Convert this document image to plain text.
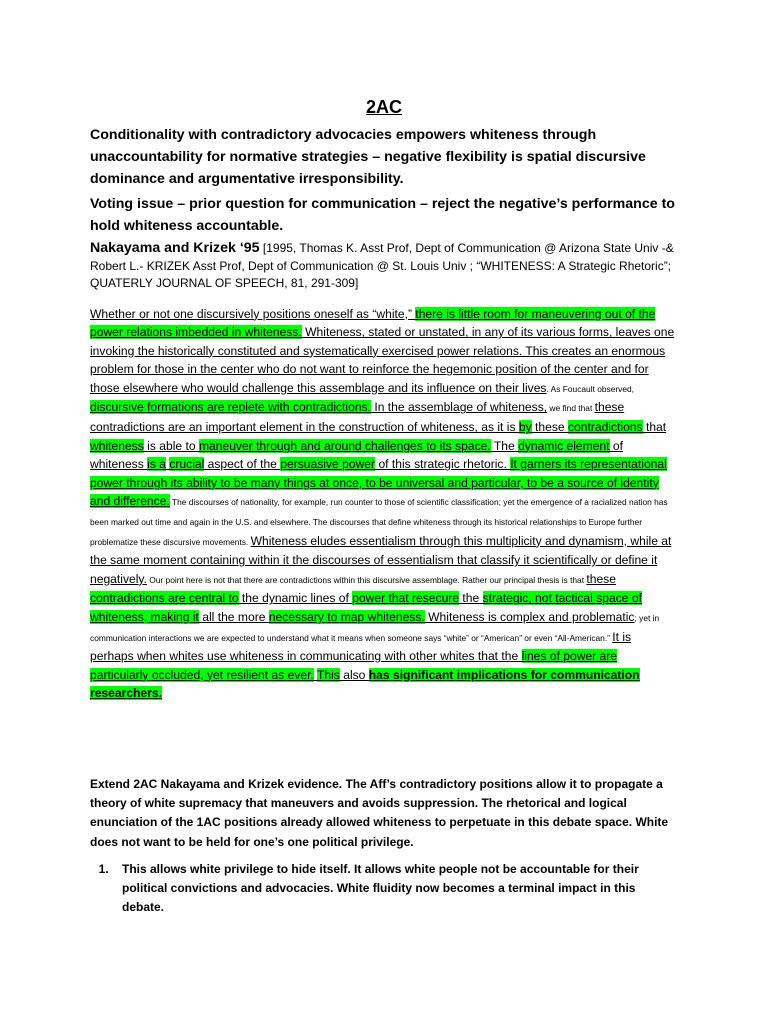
2AC

Conditionality with contradictory advocacies empowers whiteness through unaccountability for normative strategies – negative flexibility is spatial discursive dominance and argumentative irresponsibility.

Voting issue – prior question for communication – reject the negative’s performance to hold whiteness accountable.

Nakayama and Krizek ‘95 [1995, Thomas K. Asst Prof, Dept of Communication @ Arizona State Univ -& Robert L.- KRIZEK Asst Prof, Dept of Communication @ St. Louis Univ ; “WHITENESS: A Strategic Rhetoric”; QUATERLY JOURNAL OF SPEECH, 81, 291-309]

Whether or not one discursively positions oneself as “white,” there is little room for maneuvering out of the power relations imbedded in whiteness. Whiteness, stated or unstated, in any of its various forms, leaves one invoking the historically constituted and systematically exercised power relations. This creates an enormous problem for those in the center who do not want to reinforce the hegemonic position of the center and for those elsewhere who would challenge this assemblage and its influence on their lives. As Foucault observed, discursive formations are replete with contradictions. In the assemblage of whiteness, we find that these contradictions are an important element in the construction of whiteness, as it is by these contradictions that whiteness is able to maneuver through and around challenges to its space. The dynamic element of whiteness is a crucial aspect of the persuasive power of this strategic rhetoric. It garners its representational power through its ability to be many things at once, to be universal and particular, to be a source of identity and difference. The discourses of nationality, for example, run counter to those of scientific classification; yet the emergence of a racialized nation has been marked out time and again in the U.S. and elsewhere. The discourses that define whiteness through its historical relationships to Europe further problematize these discursive movements. Whiteness eludes essentialism through this multiplicity and dynamism, while at the same moment containing within it the discourses of essentialism that classify it scientifically or define it negatively. Our point here is not that there are contradictions within this discursive assemblage. Rather our principal thesis is that these contradictions are central to the dynamic lines of power that resecure the strategic, not tactical space of whiteness, making it all the more necessary to map whiteness. Whiteness is complex and problematic; yet in communication interactions we are expected to understand what it means when someone says “white” or “American” or even “All-American.” It is perhaps when whites use whiteness in communicating with other whites that the lines of power are particularly occluded, yet resilient as ever. This also has significant implications for communication researchers.

Extend 2AC Nakayama and Krizek evidence. The Aff’s contradictory positions allow it to propagate a theory of white supremacy that maneuvers and avoids suppression. The rhetorical and logical enunciation of the 1AC positions already allowed whiteness to perpetuate in this debate space. White does not want to be held for one’s one political privilege.

1. This allows white privilege to hide itself. It allows white people not be accountable for their political convictions and advocacies. White fluidity now becomes a terminal impact in this debate.
